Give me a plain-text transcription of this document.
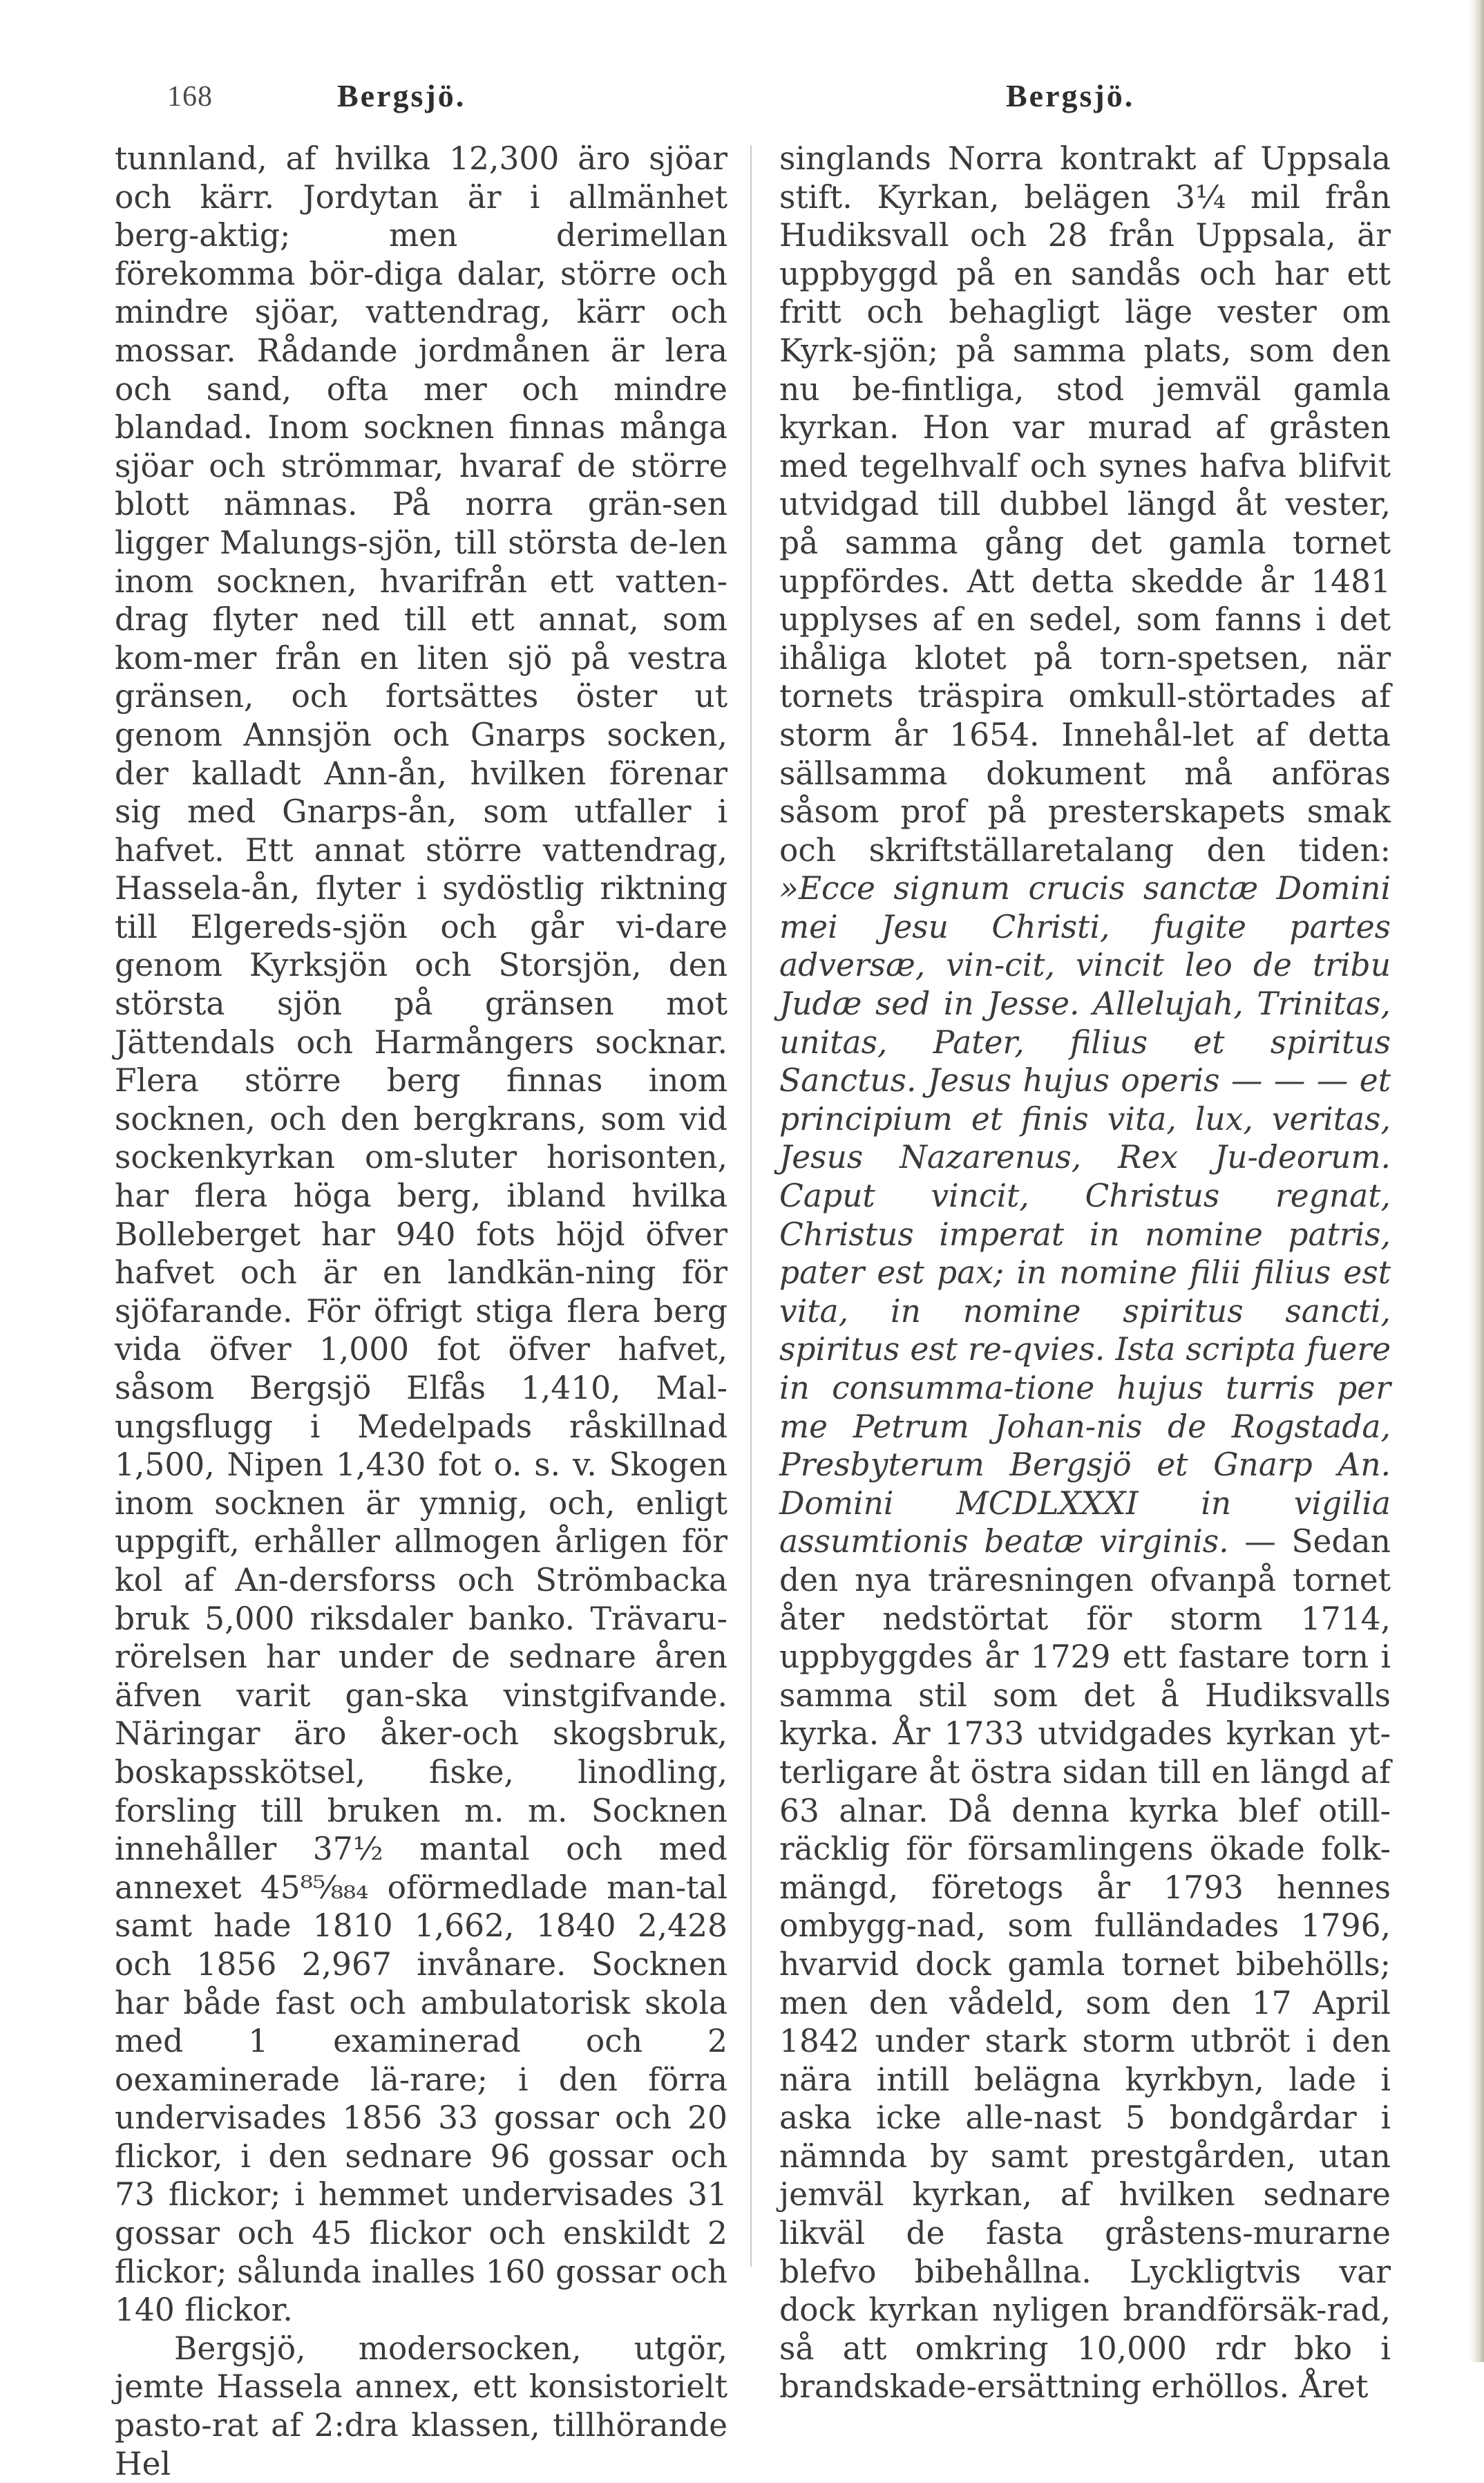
168	Bergsjö.	Bergsjö.

tunnland, af hvilka 12,300 äro sjöar och kärr. Jordytan är i allmänhet berg-aktig; men derimellan förekomma bör-diga dalar, större och mindre sjöar, vattendrag, kärr och mossar. Rådande jordmånen är lera och sand, ofta mer och mindre blandad. Inom socknen finnas många sjöar och strömmar, hvaraf de större blott nämnas. På norra grän-sen ligger Malungs-sjön, till största de-len inom socknen, hvarifrån ett vatten-drag flyter ned till ett annat, som kom-mer från en liten sjö på vestra gränsen, och fortsättes öster ut genom Annsjön och Gnarps socken, der kalladt Ann-ån, hvilken förenar sig med Gnarps-ån, som utfaller i hafvet. Ett annat större vattendrag, Hassela-ån, flyter i sydöstlig riktning till Elgereds-sjön och går vi-dare genom Kyrksjön och Storsjön, den största sjön på gränsen mot Jättendals och Harmångers socknar. Flera större berg finnas inom socknen, och den bergkrans, som vid sockenkyrkan om-sluter horisonten, har flera höga berg, ibland hvilka Bolleberget har 940 fots höjd öfver hafvet och är en landkän-ning för sjöfarande. För öfrigt stiga flera berg vida öfver 1,000 fot öfver hafvet, såsom Bergsjö Elfås 1,410, Mal-ungsflugg i Medelpads råskillnad 1,500, Nipen 1,430 fot o. s. v. Skogen inom socknen är ymnig, och, enligt uppgift, erhåller allmogen årligen för kol af An-dersforss och Strömbacka bruk 5,000 riksdaler banko. Trävaru-rörelsen har under de sednare åren äfven varit gan-ska vinstgifvande. Näringar äro åker-och skogsbruk, boskapsskötsel, fiske, linodling, forsling till bruken m. m. Socknen innehåller 37½ mantal och med annexet 45⁸⁵⁄₈₈₄ oförmedlade man-tal samt hade 1810 1,662, 1840 2,428 och 1856 2,967 invånare. Socknen har både fast och ambulatorisk skola med 1 examinerad och 2 oexaminerade lä-rare; i den förra undervisades 1856 33 gossar och 20 flickor, i den sednare 96 gossar och 73 flickor; i hemmet undervisades 31 gossar och 45 flickor och enskildt 2 flickor; sålunda inalles 160 gossar och 140 flickor.

Bergsjö, modersocken, utgör, jemte Hassela annex, ett konsistorielt pasto-rat af 2:dra klassen, tillhörande Hel

singlands Norra kontrakt af Uppsala stift. Kyrkan, belägen 3¼ mil från Hudiksvall och 28 från Uppsala, är uppbyggd på en sandås och har ett fritt och behagligt läge vester om Kyrk-sjön; på samma plats, som den nu be-fintliga, stod jemväl gamla kyrkan. Hon var murad af gråsten med tegelhvalf och synes hafva blifvit utvidgad till dubbel längd åt vester, på samma gång det gamla tornet uppfördes. Att detta skedde år 1481 upplyses af en sedel, som fanns i det ihåliga klotet på torn-spetsen, när tornets träspira omkull-störtades af storm år 1654. Innehål-let af detta sällsamma dokument må anföras såsom prof på presterskapets smak och skriftställaretalang den tiden: »Ecce signum crucis sanctæ Domini mei Jesu Christi, fugite partes adversæ, vin-cit, vincit leo de tribu Judæ sed in Jesse. Allelujah, Trinitas, unitas, Pater, filius et spiritus Sanctus. Jesus hujus operis — — — et principium et finis vita, lux, veritas, Jesus Nazarenus, Rex Ju-deorum. Caput vincit, Christus regnat, Christus imperat in nomine patris, pater est pax; in nomine filii filius est vita, in nomine spiritus sancti, spiritus est re-qvies. Ista scripta fuere in consumma-tione hujus turris per me Petrum Johan-nis de Rogstada, Presbyterum Bergsjö et Gnarp An. Domini MCDLXXXI in vigilia assumtionis beatæ virginis. — Sedan den nya träresningen ofvanpå tornet åter nedstörtat för storm 1714, uppbyggdes år 1729 ett fastare torn i samma stil som det å Hudiksvalls kyrka. År 1733 utvidgades kyrkan yt-terligare åt östra sidan till en längd af 63 alnar. Då denna kyrka blef otill-räcklig för församlingens ökade folk-mängd, företogs år 1793 hennes ombygg-nad, som fulländades 1796, hvarvid dock gamla tornet bibehölls; men den vådeld, som den 17 April 1842 under stark storm utbröt i den nära intill belägna kyrkbyn, lade i aska icke alle-nast 5 bondgårdar i nämnda by samt prestgården, utan jemväl kyrkan, af hvilken sednare likväl de fasta gråstens-murarne blefvo bibehållna. Lyckligtvis var dock kyrkan nyligen brandförsäk-rad, så att omkring 10,000 rdr bko i brandskade-ersättning erhöllos. Året
